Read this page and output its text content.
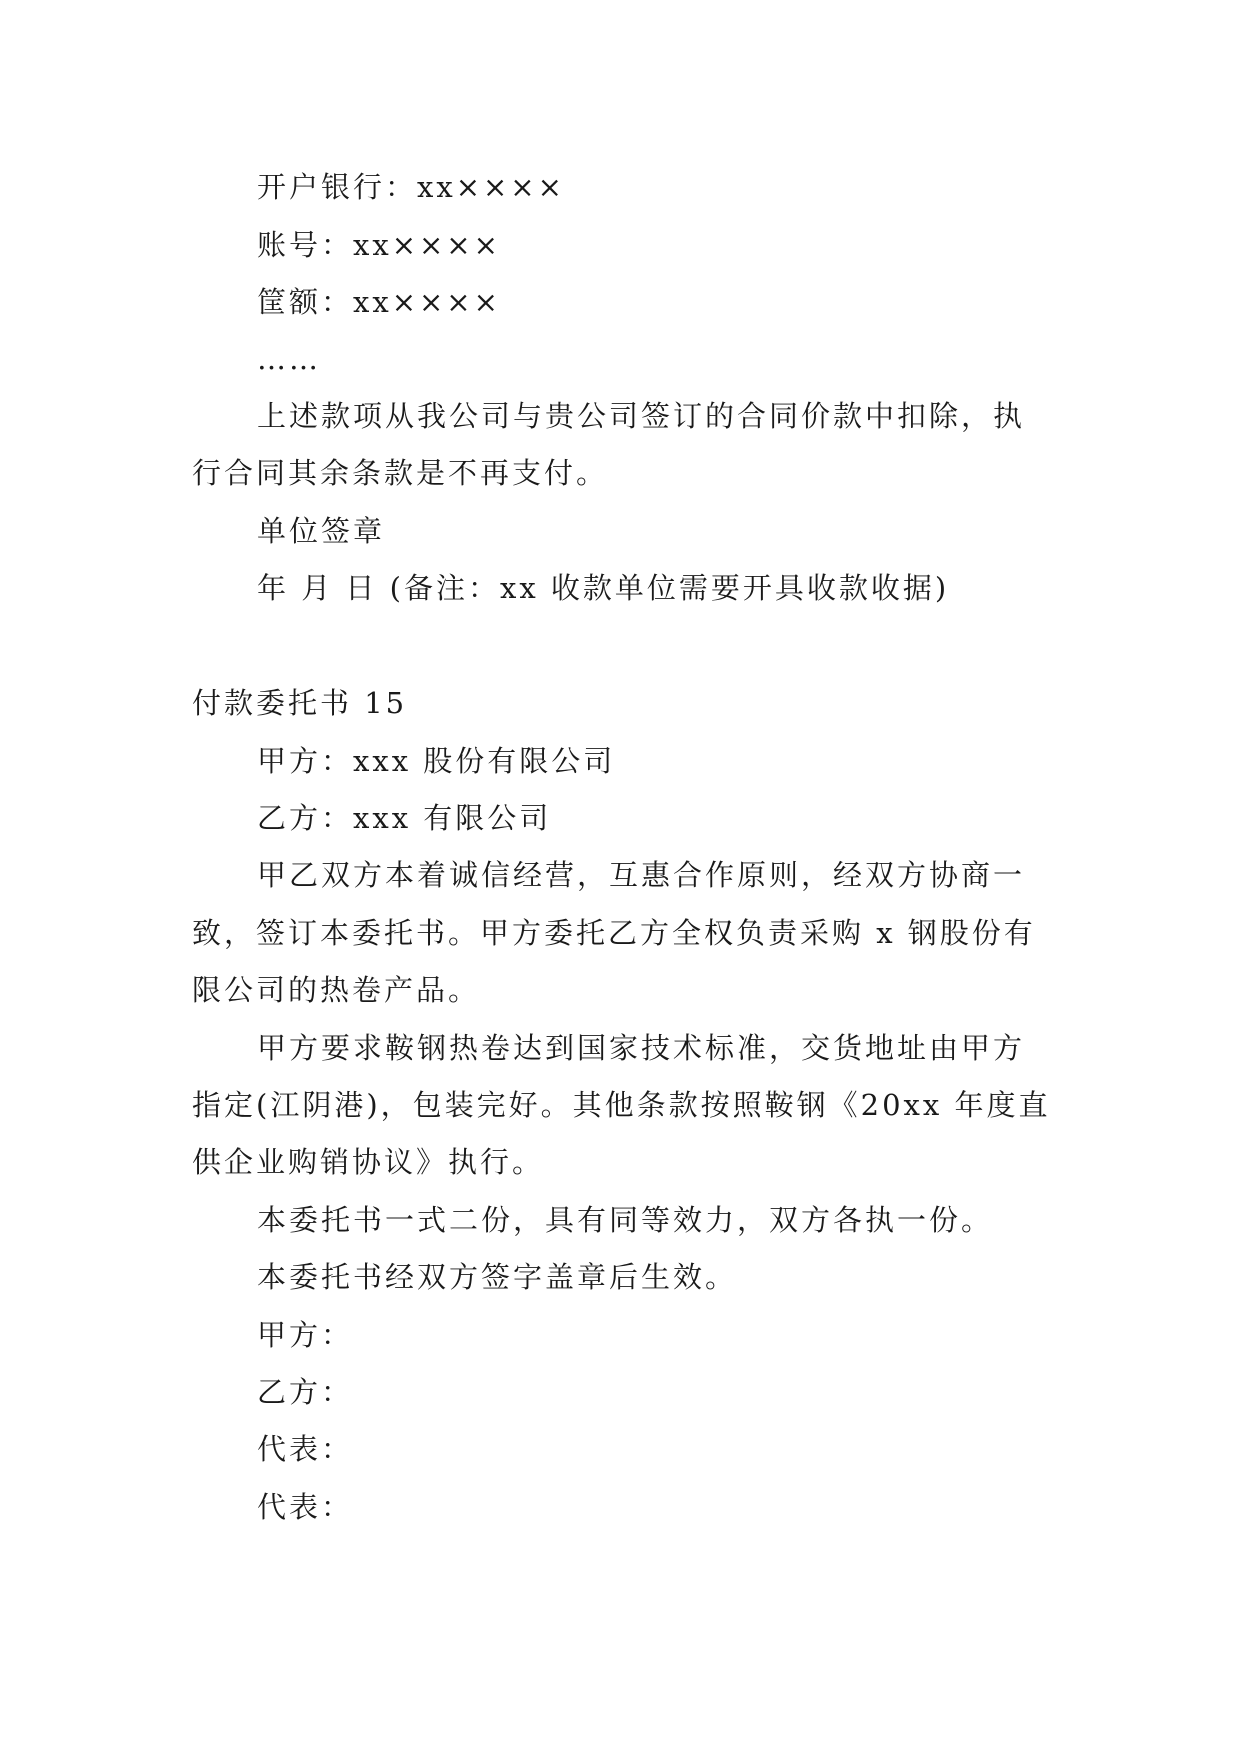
开户银行：xx××××
账号：xx××××
筐额：xx××××
……
上述款项从我公司与贵公司签订的合同价款中扣除，执
行合同其余条款是不再支付。
单位签章
年 月 日 (备注：xx 收款单位需要开具收款收据)
付款委托书 15
甲方：xxx 股份有限公司
乙方：xxx 有限公司
甲乙双方本着诚信经营，互惠合作原则，经双方协商一
致，签订本委托书。甲方委托乙方全权负责采购 x 钢股份有
限公司的热卷产品。
甲方要求鞍钢热卷达到国家技术标准，交货地址由甲方
指定(江阴港)，包装完好。其他条款按照鞍钢《20xx 年度直
供企业购销协议》执行。
本委托书一式二份，具有同等效力，双方各执一份。
本委托书经双方签字盖章后生效。
甲方：
乙方：
代表：
代表：
